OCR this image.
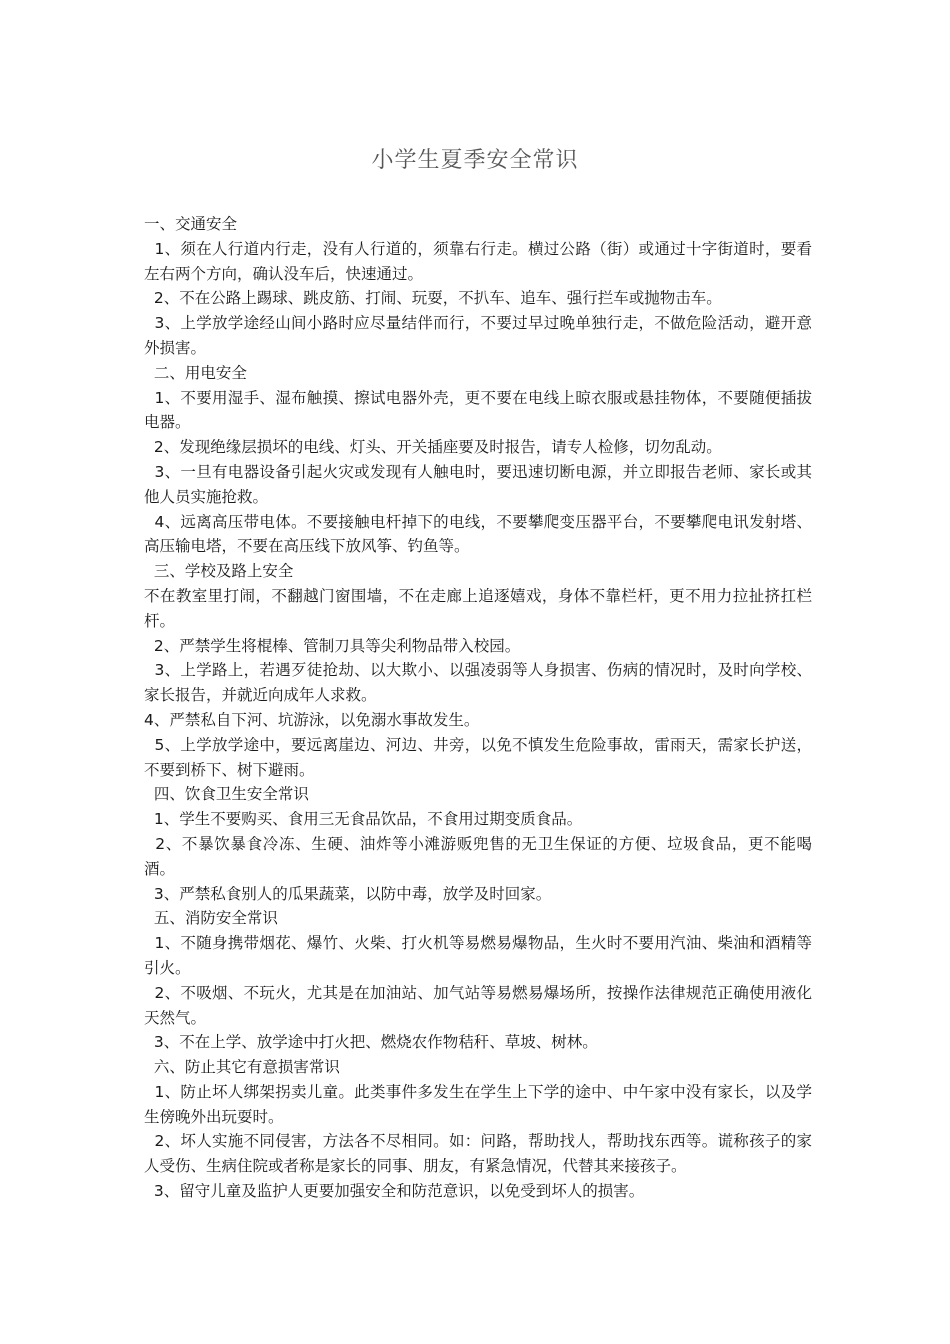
小学生夏季安全常识

一、交通安全

1、须在人行道内行走，没有人行道的，须靠右行走。横过公路（街）或通过十字街道时，要看左右两个方向，确认没车后，快速通过。

2、不在公路上踢球、跳皮筋、打闹、玩耍，不扒车、追车、强行拦车或抛物击车。

3、上学放学途经山间小路时应尽量结伴而行，不要过早过晚单独行走，不做危险活动，避开意外损害。

二、用电安全

1、不要用湿手、湿布触摸、擦试电器外壳，更不要在电线上晾衣服或悬挂物体，不要随便插拔电器。

2、发现绝缘层损坏的电线、灯头、开关插座要及时报告，请专人检修，切勿乱动。

3、一旦有电器设备引起火灾或发现有人触电时，要迅速切断电源，并立即报告老师、家长或其他人员实施抢救。

4、远离高压带电体。不要接触电杆掉下的电线，不要攀爬变压器平台，不要攀爬电讯发射塔、高压输电塔，不要在高压线下放风筝、钓鱼等。

三、学校及路上安全

不在教室里打闹，不翻越门窗围墙，不在走廊上追逐嬉戏，身体不靠栏杆，更不用力拉扯挤扛栏杆。

2、严禁学生将棍棒、管制刀具等尖利物品带入校园。

3、上学路上，若遇歹徒抢劫、以大欺小、以强凌弱等人身损害、伤病的情况时，及时向学校、家长报告，并就近向成年人求救。

4、严禁私自下河、坑游泳，以免溺水事故发生。

5、上学放学途中，要远离崖边、河边、井旁，以免不慎发生危险事故，雷雨天，需家长护送，不要到桥下、树下避雨。

四、饮食卫生安全常识

1、学生不要购买、食用三无食品饮品，不食用过期变质食品。

2、不暴饮暴食冷冻、生硬、油炸等小滩游贩兜售的无卫生保证的方便、垃圾食品，更不能喝酒。

3、严禁私食别人的瓜果蔬菜，以防中毒，放学及时回家。

五、消防安全常识

1、不随身携带烟花、爆竹、火柴、打火机等易燃易爆物品，生火时不要用汽油、柴油和酒精等引火。

2、不吸烟、不玩火，尤其是在加油站、加气站等易燃易爆场所，按操作法律规范正确使用液化天然气。

3、不在上学、放学途中打火把、燃烧农作物秸秆、草坡、树林。

六、防止其它有意损害常识

1、防止坏人绑架拐卖儿童。此类事件多发生在学生上下学的途中、中午家中没有家长，以及学生傍晚外出玩耍时。

2、坏人实施不同侵害，方法各不尽相同。如：问路，帮助找人，帮助找东西等。谎称孩子的家人受伤、生病住院或者称是家长的同事、朋友，有紧急情况，代替其来接孩子。

3、留守儿童及监护人更要加强安全和防范意识，以免受到坏人的损害。
